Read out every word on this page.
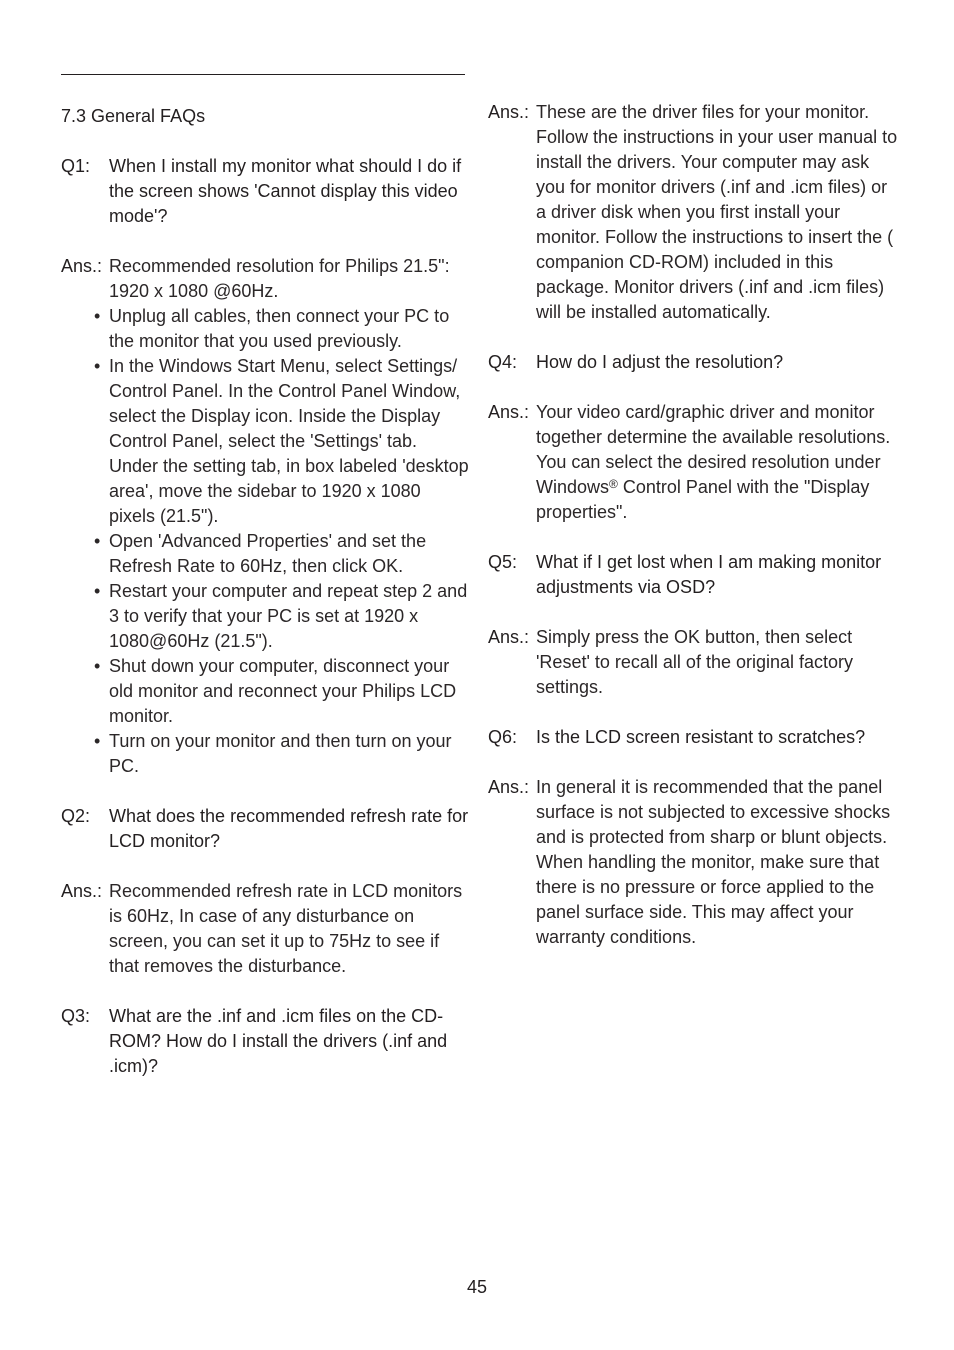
7.3 General FAQs
Q1:	When I install my monitor what should I do if the screen shows 'Cannot display this video mode'?
Ans.: Recommended resolution for Philips 21.5": 1920 x 1080 @60Hz.
• Unplug all cables, then connect your PC to the monitor that you used previously.
• In the Windows Start Menu, select Settings/ Control Panel. In the Control Panel Window, select the Display icon. Inside the Display Control Panel, select the 'Settings' tab. Under the setting tab, in box labeled 'desktop area', move the sidebar to 1920 x 1080 pixels (21.5").
• Open 'Advanced Properties' and set the Refresh Rate to 60Hz, then click OK.
• Restart your computer and repeat step 2 and 3 to verify that your PC is set at 1920 x 1080@60Hz (21.5").
• Shut down your computer, disconnect your old monitor and reconnect your Philips LCD monitor.
• Turn on your monitor and then turn on your PC.
Q2:	What does the recommended refresh rate for LCD monitor?
Ans.: Recommended refresh rate in LCD monitors is 60Hz, In case of any disturbance on screen, you can set it up to 75Hz to see if that removes the disturbance.
Q3:	What are the .inf and .icm files on the CD-ROM? How do I install the drivers (.inf and .icm)?
Ans.: These are the driver files for your monitor. Follow the instructions in your user manual to install the drivers. Your computer may ask you for monitor drivers (.inf and .icm files) or a driver disk when you first install your monitor. Follow the instructions to insert the ( companion CD-ROM) included in this package. Monitor drivers (.inf and .icm files) will be installed automatically.
Q4:	How do I adjust the resolution?
Ans.: Your video card/graphic driver and monitor together determine the available resolutions. You can select the desired resolution under Windows® Control Panel with the "Display properties".
Q5:	What if I get lost when I am making monitor adjustments via OSD?
Ans.: Simply press the OK button, then select 'Reset' to recall all of the original factory settings.
Q6:	Is the LCD screen resistant to scratches?
Ans.: In general it is recommended that the panel surface is not subjected to excessive shocks and is protected from sharp or blunt objects. When handling the monitor, make sure that there is no pressure or force applied to the panel surface side. This may affect your warranty conditions.
45
